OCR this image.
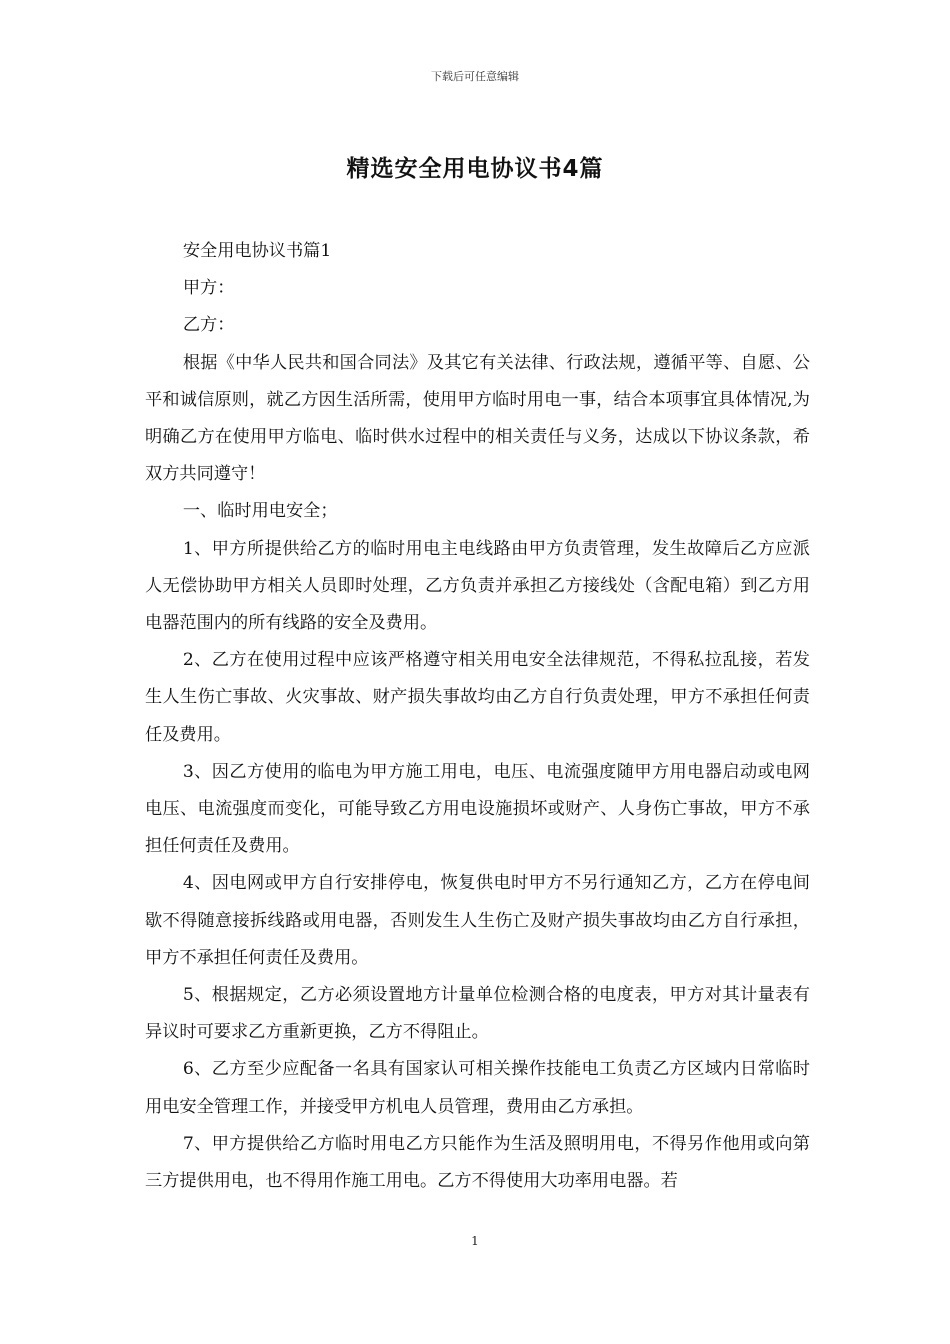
下载后可任意编辑
精选安全用电协议书4篇

安全用电协议书篇1

甲方：

乙方：

根据《中华人民共和国合同法》及其它有关法律、行政法规，遵循平等、自愿、公平和诚信原则，就乙方因生活所需，使用甲方临时用电一事，结合本项事宜具体情况,为明确乙方在使用甲方临电、临时供水过程中的相关责任与义务，达成以下协议条款，希双方共同遵守！

一、临时用电安全；

1、甲方所提供给乙方的临时用电主电线路由甲方负责管理，发生故障后乙方应派人无偿协助甲方相关人员即时处理，乙方负责并承担乙方接线处（含配电箱）到乙方用电器范围内的所有线路的安全及费用。

2、乙方在使用过程中应该严格遵守相关用电安全法律规范，不得私拉乱接，若发生人生伤亡事故、火灾事故、财产损失事故均由乙方自行负责处理，甲方不承担任何责任及费用。

3、因乙方使用的临电为甲方施工用电，电压、电流强度随甲方用电器启动或电网电压、电流强度而变化，可能导致乙方用电设施损坏或财产、人身伤亡事故，甲方不承担任何责任及费用。

4、因电网或甲方自行安排停电，恢复供电时甲方不另行通知乙方，乙方在停电间歇不得随意接拆线路或用电器，否则发生人生伤亡及财产损失事故均由乙方自行承担，甲方不承担任何责任及费用。

5、根据规定，乙方必须设置地方计量单位检测合格的电度表，甲方对其计量表有异议时可要求乙方重新更换，乙方不得阻止。

6、乙方至少应配备一名具有国家认可相关操作技能电工负责乙方区域内日常临时用电安全管理工作，并接受甲方机电人员管理，费用由乙方承担。

7、甲方提供给乙方临时用电乙方只能作为生活及照明用电，不得另作他用或向第三方提供用电，也不得用作施工用电。乙方不得使用大功率用电器。若

1
